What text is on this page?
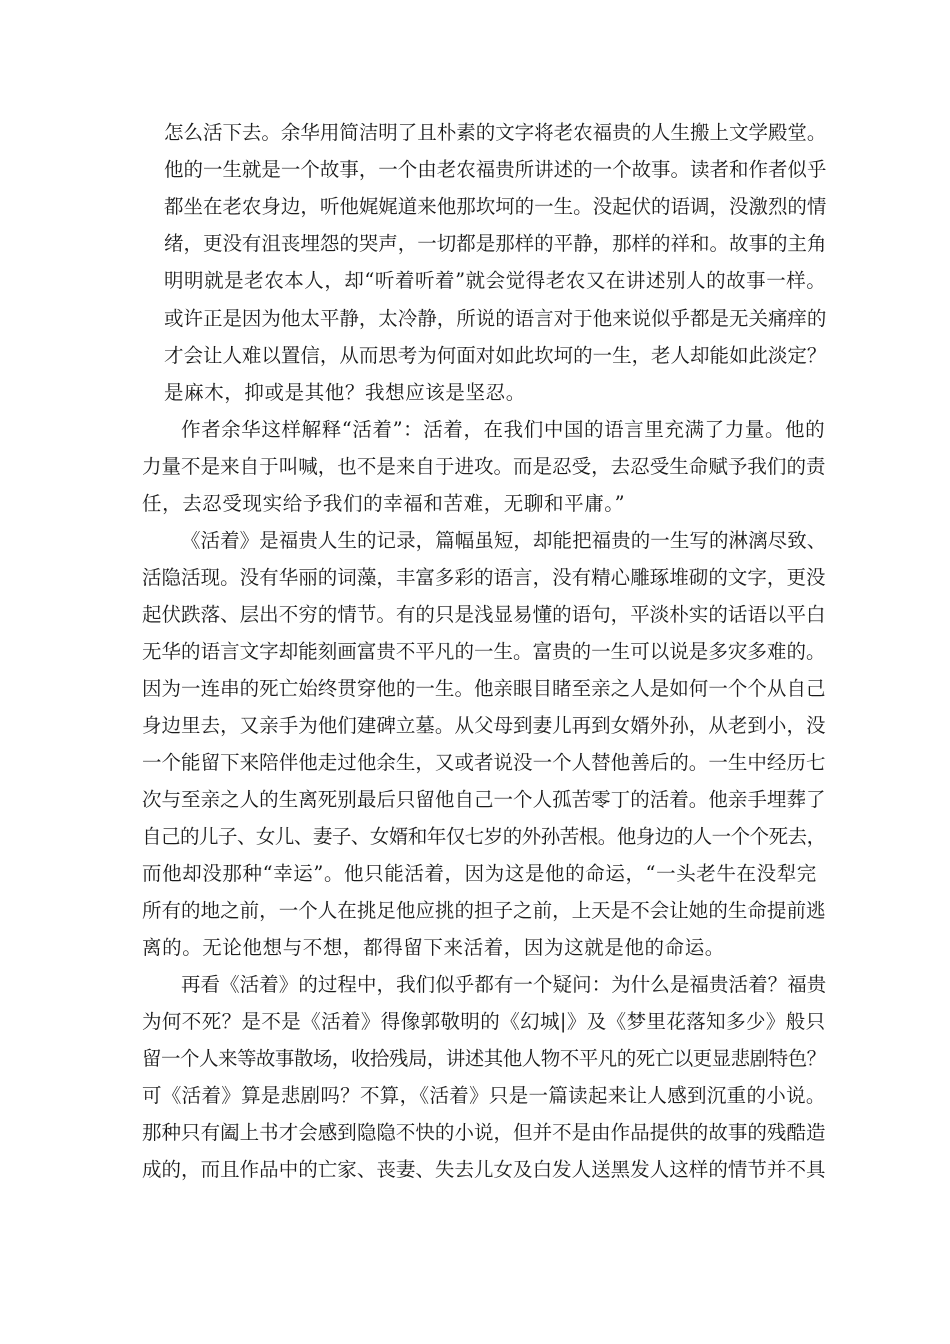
怎么活下去。余华用简洁明了且朴素的文字将老农福贵的人生搬上文学殿堂。
他的一生就是一个故事，一个由老农福贵所讲述的一个故事。读者和作者似乎
都坐在老农身边，听他娓娓道来他那坎坷的一生。没起伏的语调，没激烈的情
绪，更没有沮丧埋怨的哭声，一切都是那样的平静，那样的祥和。故事的主角
明明就是老农本人，却“听着听着”就会觉得老农又在讲述别人的故事一样。
或许正是因为他太平静，太冷静，所说的语言对于他来说似乎都是无关痛痒的
才会让人难以置信，从而思考为何面对如此坎坷的一生，老人却能如此淡定？
是麻木，抑或是其他？我想应该是坚忍。
作者余华这样解释“活着”：活着，在我们中国的语言里充满了力量。他的
力量不是来自于叫喊，也不是来自于进攻。而是忍受，去忍受生命赋予我们的责
任，去忍受现实给予我们的幸福和苦难，无聊和平庸。”
《活着》是福贵人生的记录，篇幅虽短，却能把福贵的一生写的淋漓尽致、
活隐活现。没有华丽的词藻，丰富多彩的语言，没有精心雕琢堆砌的文字，更没
起伏跌落、层出不穷的情节。有的只是浅显易懂的语句，平淡朴实的话语以平白
无华的语言文字却能刻画富贵不平凡的一生。富贵的一生可以说是多灾多难的。
因为一连串的死亡始终贯穿他的一生。他亲眼目睹至亲之人是如何一个个从自己
身边里去，又亲手为他们建碑立墓。从父母到妻儿再到女婿外孙，从老到小，没
一个能留下来陪伴他走过他余生，又或者说没一个人替他善后的。一生中经历七
次与至亲之人的生离死别最后只留他自己一个人孤苦零丁的活着。他亲手埋葬了
自己的儿子、女儿、妻子、女婿和年仅七岁的外孙苦根。他身边的人一个个死去，
而他却没那种“幸运”。他只能活着，因为这是他的命运，“一头老牛在没犁完
所有的地之前，一个人在挑足他应挑的担子之前，上天是不会让她的生命提前逃
离的。无论他想与不想，都得留下来活着，因为这就是他的命运。
再看《活着》的过程中，我们似乎都有一个疑问：为什么是福贵活着？福贵
为何不死？是不是《活着》得像郭敬明的《幻城|》及《梦里花落知多少》般只
留一个人来等故事散场，收拾残局，讲述其他人物不平凡的死亡以更显悲剧特色？
可《活着》算是悲剧吗？不算，《活着》只是一篇读起来让人感到沉重的小说。
那种只有阖上书才会感到隐隐不快的小说，但并不是由作品提供的故事的残酷造
成的，而且作品中的亡家、丧妻、失去儿女及白发人送黑发人这样的情节并不具
